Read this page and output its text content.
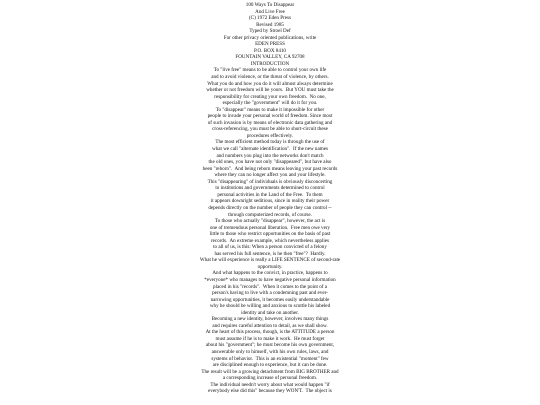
100 Ways To Disappear
And Live Free
(C) 1972 Eden Press
Revised 1985
Typed by Stroel Def
For other privacy oriented publications, write
EDEN PRESS
P.O. BOX 8410
FOUNTAIN VALLEY, CA 92708
INTRODUCTION
To "live free" means to be able to control your own life
and to avoid violence, or the threat of violence, by others.
What you do and how you do it will almost always determine
whether or not freedom will be yours.  But YOU must take the
responsibility for creating your own freedom.  No one,
especially the "government" will do it for you.
To "disappear" means to make it impossible for other
people to invade your personal world of freedom. Since most
of such invasion is by means of electronic data gathering and
cross-referencing, you must be able to short-circuit these
procedures effectively.
The most efficient method today is through the use of
what we call "alternate identification".  If the new names
and numbers you plug into the networks don't match
the old ones, you have not only "disappeared", but have also
been "reborn".  And being reborn means leaving your past records
where they can no longer affect you and your lifestyle.
This "disappearing" of individuals is obviously disconcerting
to institutions and governments determined to control
personal activities in the Land of the Free.  To them
it appears downright seditious, since in reality their power
depends directly on the number of people they can control --
through computerized records, of course.
To those who actually "disappear", however, the act is
one of tremendous personal liberation.  Free men owe very
little to those who restrict opportunities on the basis of past
records.  An extreme example, which nevertheless applies
to all of us, is this: When a person convicted of a felony
has served his full sentence, is he then "free"?  Hardly.
What he will experience is really a LIFE SENTENCE of second-rate
opportunity.
And what happens to the convict, in practice, happens to
*everyone* who manages to have negative personal information
placed in his "records".  When it comes to the point of a
person's having to live with a condemning past and ever-
narrowing opportunities, it becomes easily understandable
why he should be willing and anxious to scuttle his labeled
identity and take on another.
Becoming a new identity, however, involves many things
and requires careful attention to detail, as we shall show.
At the heart of this process, though, is the ATTITUDE a person
must assume if he is to make it work.  He must forget
about his "government"; he must become his own government,
answerable only to himself, with his own rules, laws, and
systems of behavior.  This is an existential "moment" few
are disciplined enough to experience, but it can be done.
The result will be a growing detachment from BIG BROTHER and
a corresponding increase of personal freedom.
The individual needn't worry about what would happen "if
everybody else did this" because they WON'T.  The object is
